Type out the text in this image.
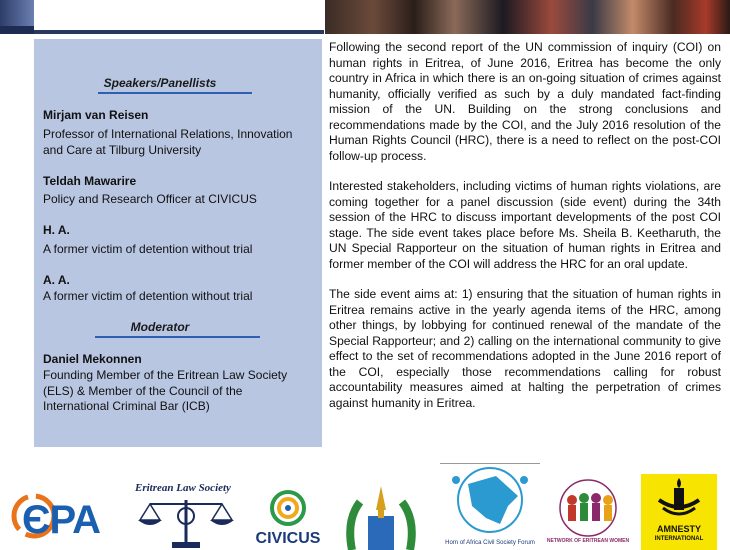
Speakers/Panellists
Mirjam van Reisen
Professor of International Relations, Innovation and Care at Tilburg University
Teldah Mawarire
Policy and Research Officer at CIVICUS
H. A.
A former victim of detention without trial
A. A.
A former victim of detention without trial
Moderator
Daniel Mekonnen
Founding Member of the Eritrean Law Society (ELS) & Member of the Council of the International Criminal Bar (ICB)

Following the second report of the UN commission of inquiry (COI) on human rights in Eritrea, of June 2016, Eritrea has become the only country in Africa in which there is an on-going situation of crimes against humanity, officially verified as such by a duly mandated fact-finding mission of the UN. Building on the strong conclusions and recommendations made by the COI, and the July 2016 resolution of the Human Rights Council (HRC), there is a need to reflect on the post-COI follow-up process.

Interested stakeholders, including victims of human rights violations, are coming together for a panel discussion (side event) during the 34th session of the HRC to discuss important developments of the post COI stage. The side event takes place before Ms. Sheila B. Keetharuth, the UN Special Rapporteur on the situation of human rights in Eritrea and former member of the COI will address the HRC for an oral update.

The side event aims at: 1) ensuring that the situation of human rights in Eritrea remains active in the yearly agenda items of the HRC, among other things, by lobbying for continued renewal of the mandate of the Special Rapporteur; and 2) calling on the international community to give effect to the set of recommendations adopted in the June 2016 report of the COI, especially those recommendations calling for robust accountability measures aimed at halting the perpetration of crimes against humanity in Eritrea.

ЄPA
Eritrean Law Society
CIVICUS	Horn of Africa Civil Society Forum	NETWORK OF ERITREAN WOMEN
AMNESTY
INTERNATIONAL
